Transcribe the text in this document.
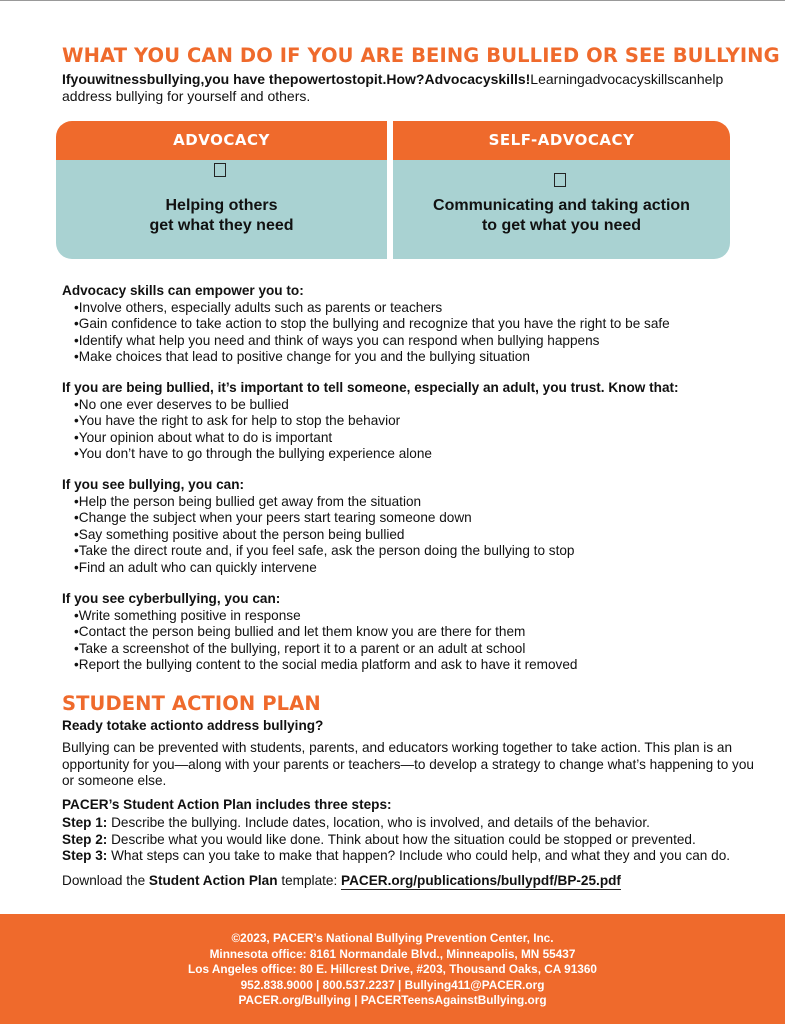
WHAT YOU CAN DO IF YOU ARE BEING BULLIED OR SEE BULLYING

Ifyouwitnessbullying,you have thepowertostopit.How?Advocacyskills!Learningadvocacyskillscanhelp address bullying for yourself and others.

ADVOCACY
Helping others
get what they need
SELF-ADVOCACY
Communicating and taking action
to get what you need
Advocacy skills can empower you to:
• Involve others, especially adults such as parents or teachers
• Gain confidence to take action to stop the bullying and recognize that you have the right to be safe
• Identify what help you need and think of ways you can respond when bullying happens
• Make choices that lead to positive change for you and the bullying situation
If you are being bullied, it’s important to tell someone, especially an adult, you trust. Know that:
• No one ever deserves to be bullied
• You have the right to ask for help to stop the behavior
• Your opinion about what to do is important
• You don’t have to go through the bullying experience alone
If you see bullying, you can:
• Help the person being bullied get away from the situation
• Change the subject when your peers start tearing someone down
• Say something positive about the person being bullied
• Take the direct route and, if you feel safe, ask the person doing the bullying to stop
• Find an adult who can quickly intervene
If you see cyberbullying, you can:
• Write something positive in response
• Contact the person being bullied and let them know you are there for them
• Take a screenshot of the bullying, report it to a parent or an adult at school
• Report the bullying content to the social media platform and ask to have it removed
STUDENT ACTION PLAN
Ready totake actionto address bullying?

Bullying can be prevented with students, parents, and educators working together to take action. This plan is an opportunity for you—along with your parents or teachers—to develop a strategy to change what’s happening to you or someone else.

PACER’s Student Action Plan includes three steps:
Step 1: Describe the bullying. Include dates, location, who is involved, and details of the behavior.
Step 2: Describe what you would like done. Think about how the situation could be stopped or prevented.
Step 3: What steps can you take to make that happen? Include who could help, and what they and you can do.
Download the Student Action Plan template: PACER.org/publications/bullypdf/BP-25.pdf
©2023, PACER’s National Bullying Prevention Center, Inc.
Minnesota office: 8161 Normandale Blvd., Minneapolis, MN 55437
Los Angeles office: 80 E. Hillcrest Drive, #203, Thousand Oaks, CA 91360
952.838.9000 | 800.537.2237 | Bullying411@PACER.org
PACER.org/Bullying | PACERTeensAgainstBullying.org
